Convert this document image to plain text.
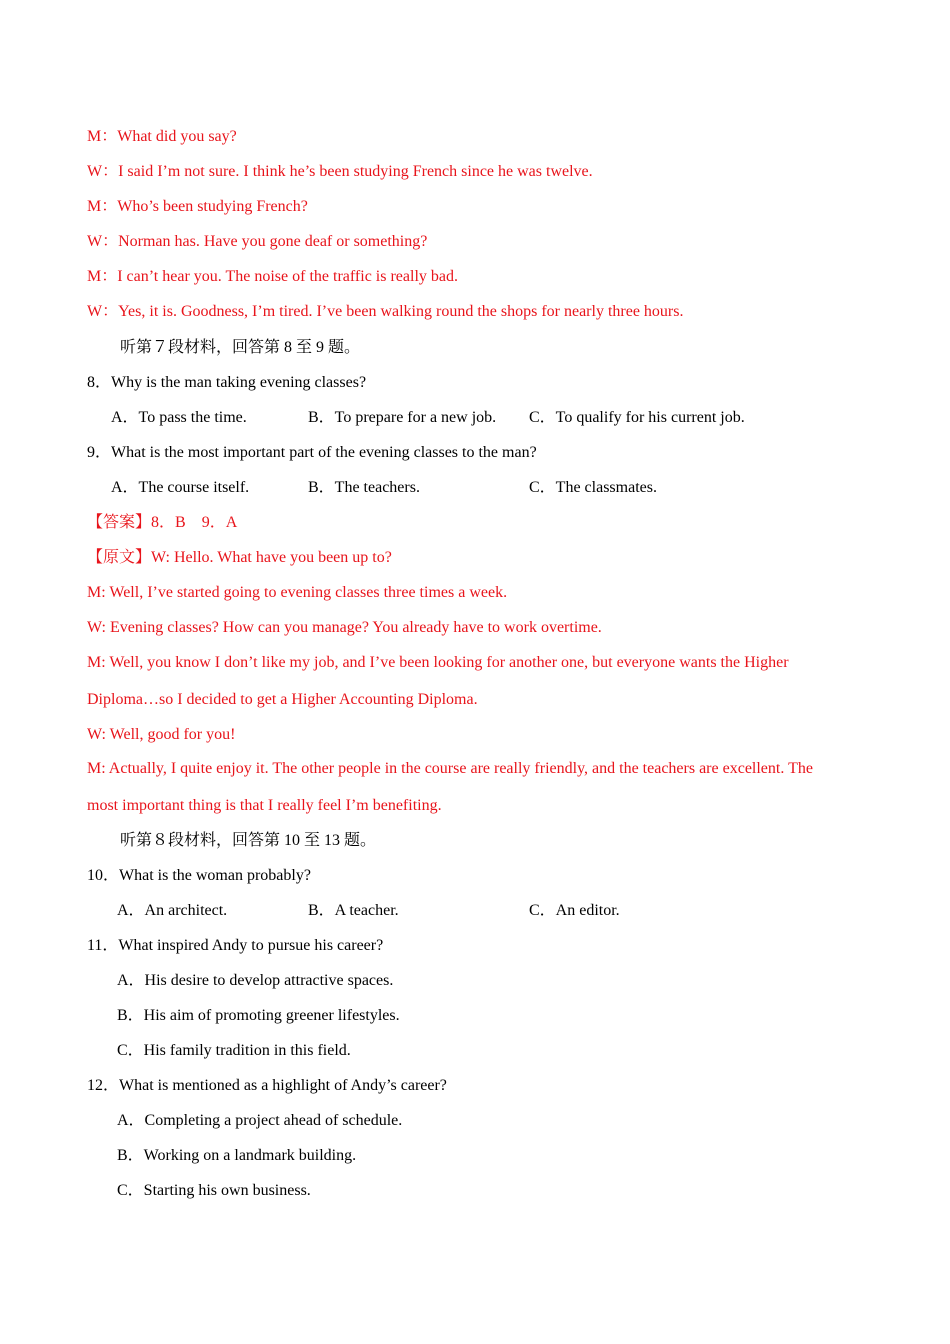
M：What did you say?
W：I said I’m not sure. I think he’s been studying French since he was twelve.
M：Who’s been studying French?
W：Norman has. Have you gone deaf or something?
M：I can’t hear you. The noise of the traffic is really bad.
W：Yes, it is. Goodness, I’m tired. I’ve been walking round the shops for nearly three hours.
听第７段材料，回答第 8 至 9 题。
8．Why is the man taking evening classes?
A．To pass the time.	B．To prepare for a new job. C．To qualify for his current job.
9．What is the most important part of the evening classes to the man?
A．The course itself.	B．The teachers.	C．The classmates.
【答案】8．B　9．A
【原文】W: Hello. What have you been up to?
M: Well, I’ve started going to evening classes three times a week.
W: Evening classes? How can you manage? You already have to work overtime.
M: Well, you know I don’t like my job, and I’ve been looking for another one, but everyone wants the Higher
Diploma…so I decided to get a Higher Accounting Diploma.
W: Well, good for you!
M: Actually, I quite enjoy it. The other people in the course are really friendly, and the teachers are excellent. The
most important thing is that I really feel I’m benefiting.
听第８段材料，回答第 10 至 13 题。
10．What is the woman probably?
A．An architect.	B．A teacher.	C．An editor.
11．What inspired Andy to pursue his career?
A．His desire to develop attractive spaces.
B．His aim of promoting greener lifestyles.
C．His family tradition in this field.
12．What is mentioned as a highlight of Andy’s career?
A．Completing a project ahead of schedule.
B．Working on a landmark building.
C．Starting his own business.
